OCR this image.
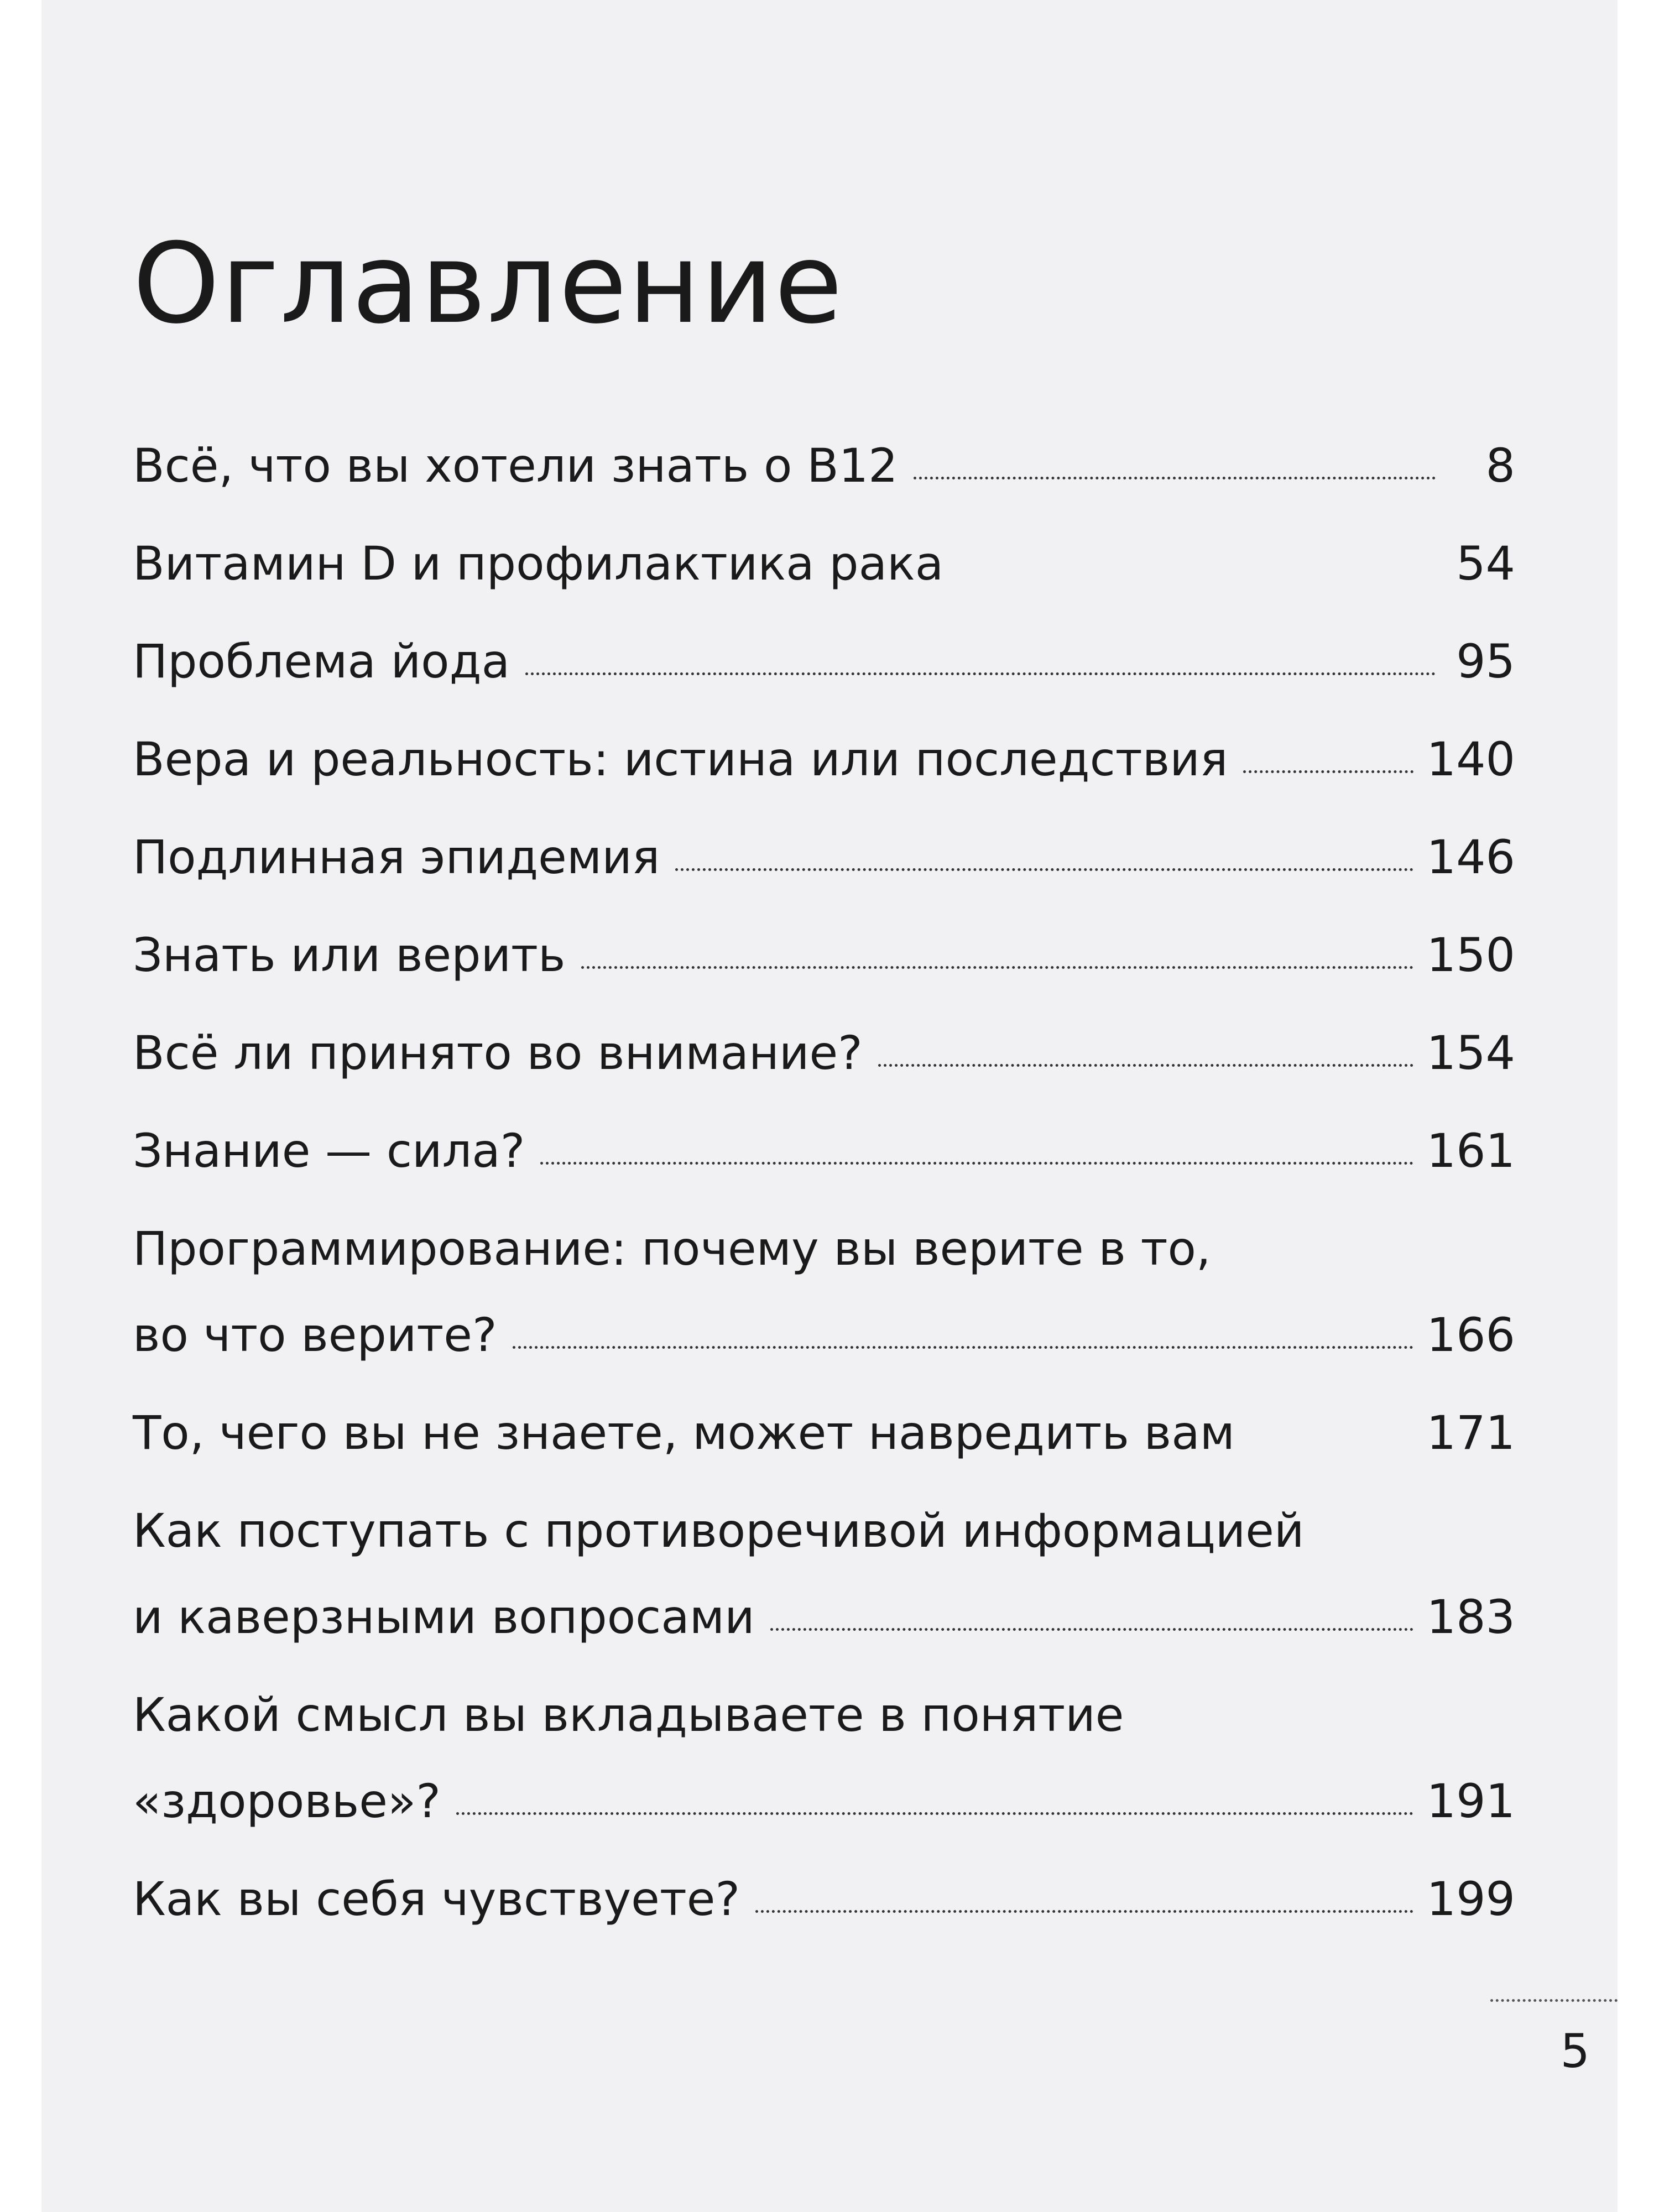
Оглавление
Всё, что вы хотели знать о В12	8
Витамин D и профилактика рака	54
Проблема йода	95
Вера и реальность: истина или последствия	140
Подлинная эпидемия	146
Знать или верить	150
Всё ли принято во внимание?	154
Знание — сила?	161
Программирование: почему вы верите в то,
во что верите?	166
То, чего вы не знаете, может навредить вам	171
Как поступать с противоречивой информацией
и каверзными вопросами	183
Какой смысл вы вкладываете в понятие
«здоровье»?	191
Как вы себя чувствуете?	199
5
